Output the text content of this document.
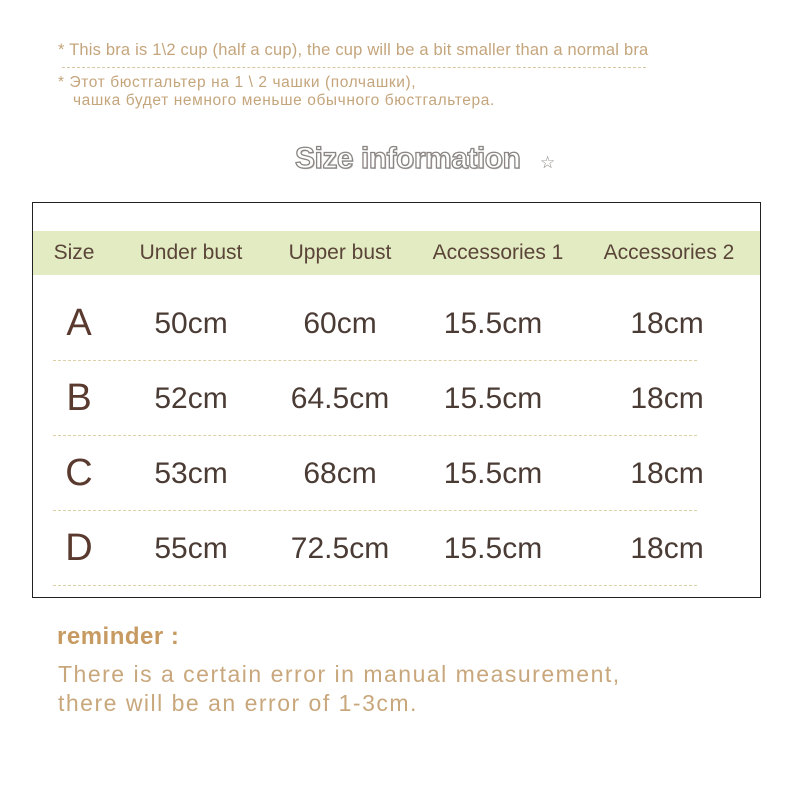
* This bra is 1\2 cup (half a cup), the cup will be a bit smaller than a normal bra
* Этот бюстгальтер на 1 \ 2 чашки (полчашки),
чашка будет немного меньше обычного бюстгальтера.
Size information ☆
Size Under bust Upper bust Accessories 1 Accessories 2
A 50cm	60cm 15.5cm	18cm
B 52cm 64.5cm 15.5cm	18cm
C 53cm	68cm 15.5cm	18cm
D 55cm 72.5cm 15.5cm	18cm
reminder :
There is a certain error in manual measurement,
there will be an error of 1-3cm.
